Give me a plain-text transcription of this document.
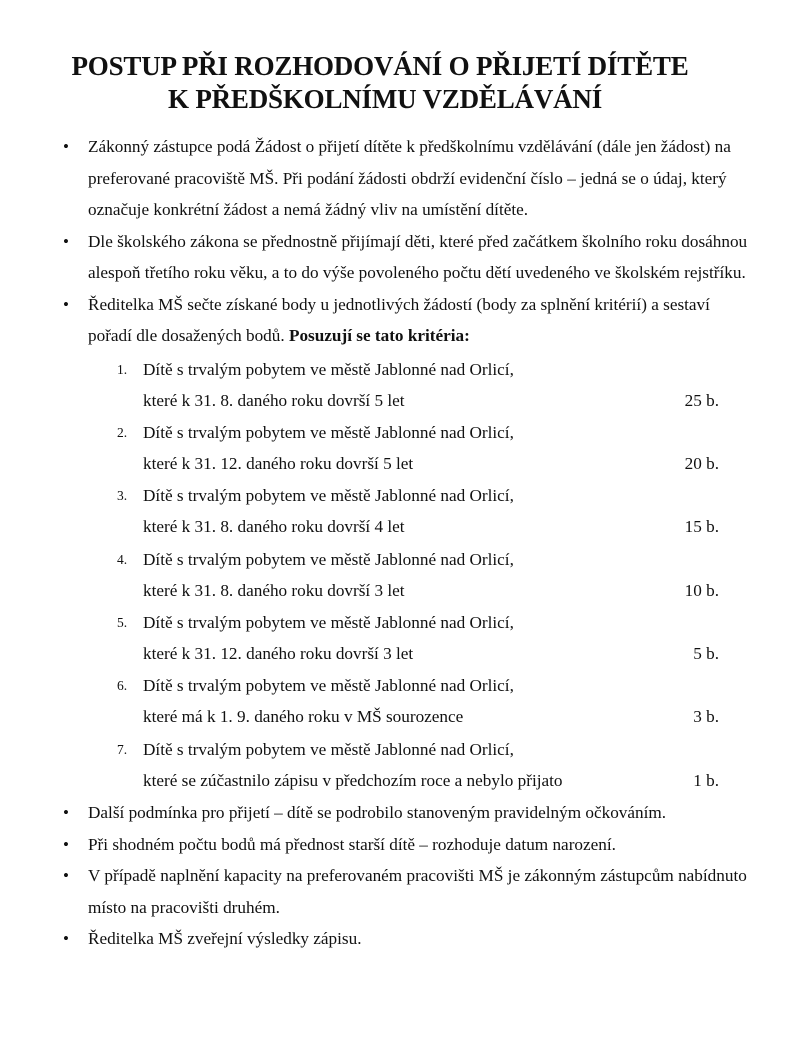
POSTUP PŘI ROZHODOVÁNÍ O PŘIJETÍ DÍTĚTE
K PŘEDŠKOLNÍMU VZDĚLÁVÁNÍ
• Zákonný zástupce podá Žádost o přijetí dítěte k předškolnímu vzdělávání (dále jen žádost) na preferované pracoviště MŠ. Při podání žádosti obdrží evidenční číslo – jedná se o údaj, který označuje konkrétní žádost a nemá žádný vliv na umístění dítěte.
• Dle školského zákona se přednostně přijímají děti, které před začátkem školního roku dosáhnou alespoň třetího roku věku, a to do výše povoleného počtu dětí uvedeného ve školském rejstříku.
• Ředitelka MŠ sečte získané body u jednotlivých žádostí (body za splnění kritérií) a sestaví pořadí dle dosažených bodů. Posuzují se tato kritéria:
1. Dítě s trvalým pobytem ve městě Jablonné nad Orlicí,
které k 31. 8. daného roku dovrší 5 let	25 b.
2. Dítě s trvalým pobytem ve městě Jablonné nad Orlicí,
které k 31. 12. daného roku dovrší 5 let	20 b.
3. Dítě s trvalým pobytem ve městě Jablonné nad Orlicí,
které k 31. 8. daného roku dovrší 4 let	15 b.
4. Dítě s trvalým pobytem ve městě Jablonné nad Orlicí,
které k 31. 8. daného roku dovrší 3 let	10 b.
5. Dítě s trvalým pobytem ve městě Jablonné nad Orlicí,
které k 31. 12. daného roku dovrší 3 let	5 b.
6. Dítě s trvalým pobytem ve městě Jablonné nad Orlicí,
které má k 1. 9. daného roku v MŠ sourozence	3 b.
7. Dítě s trvalým pobytem ve městě Jablonné nad Orlicí,
které se zúčastnilo zápisu v předchozím roce a nebylo přijato	1 b.
• Další podmínka pro přijetí – dítě se podrobilo stanoveným pravidelným očkováním.
• Při shodném počtu bodů má přednost starší dítě – rozhoduje datum narození.
• V případě naplnění kapacity na preferovaném pracovišti MŠ je zákonným zástupcům nabídnuto místo na pracovišti druhém.
• Ředitelka MŠ zveřejní výsledky zápisu.
